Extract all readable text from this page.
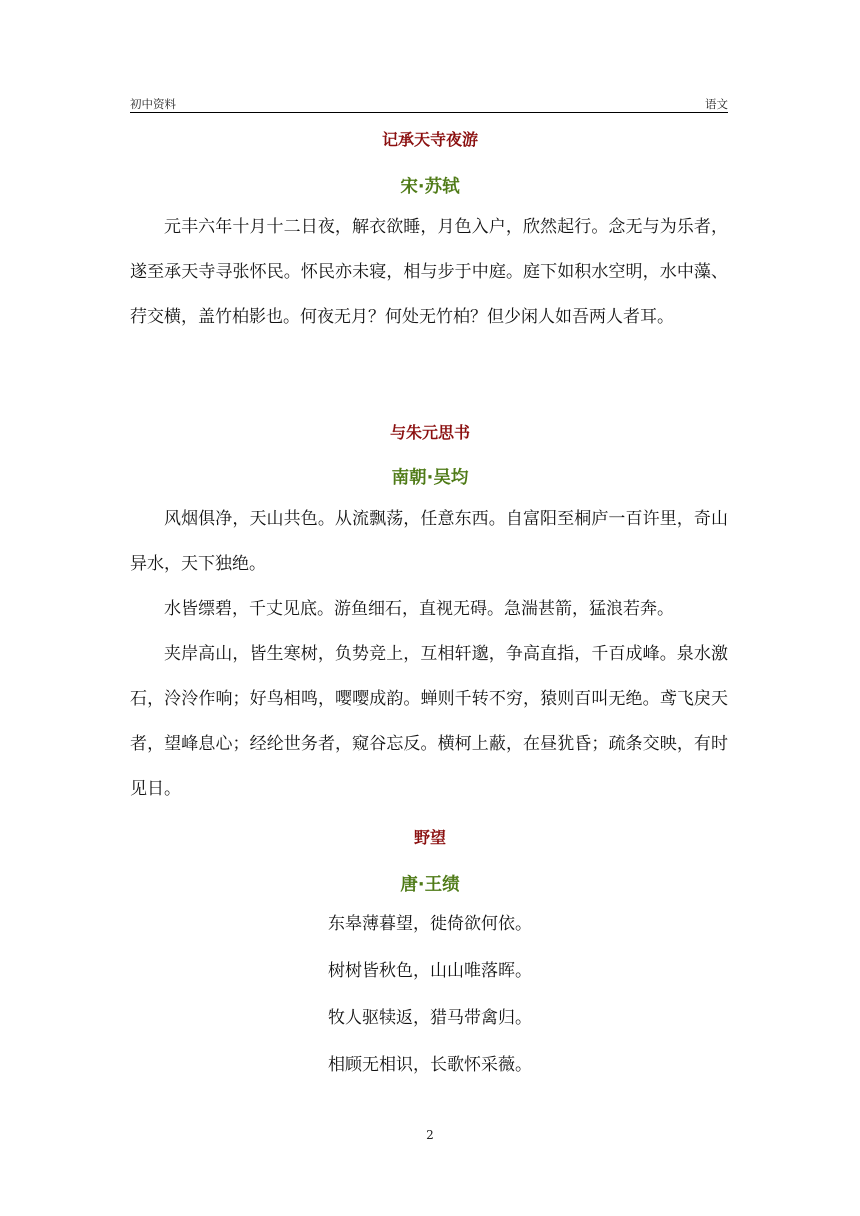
初中资料	语文
记承天寺夜游
宋·苏轼

元丰六年十月十二日夜，解衣欲睡，月色入户，欣然起行。念无与为乐者，遂至承天寺寻张怀民。怀民亦未寝，相与步于中庭。庭下如积水空明，水中藻、荇交横，盖竹柏影也。何夜无月？何处无竹柏？但少闲人如吾两人者耳。

与朱元思书
南朝·吴均

风烟俱净，天山共色。从流飘荡，任意东西。自富阳至桐庐一百许里，奇山异水，天下独绝。

水皆缥碧，千丈见底。游鱼细石，直视无碍。急湍甚箭，猛浪若奔。

夹岸高山，皆生寒树，负势竞上，互相轩邈，争高直指，千百成峰。泉水激石，泠泠作响；好鸟相鸣，嘤嘤成韵。蝉则千转不穷，猿则百叫无绝。鸢飞戾天者，望峰息心；经纶世务者，窥谷忘反。横柯上蔽，在昼犹昏；疏条交映，有时见日。

野望
唐·王绩
东皋薄暮望，徙倚欲何依。
树树皆秋色，山山唯落晖。
牧人驱犊返，猎马带禽归。
相顾无相识，长歌怀采薇。
2
